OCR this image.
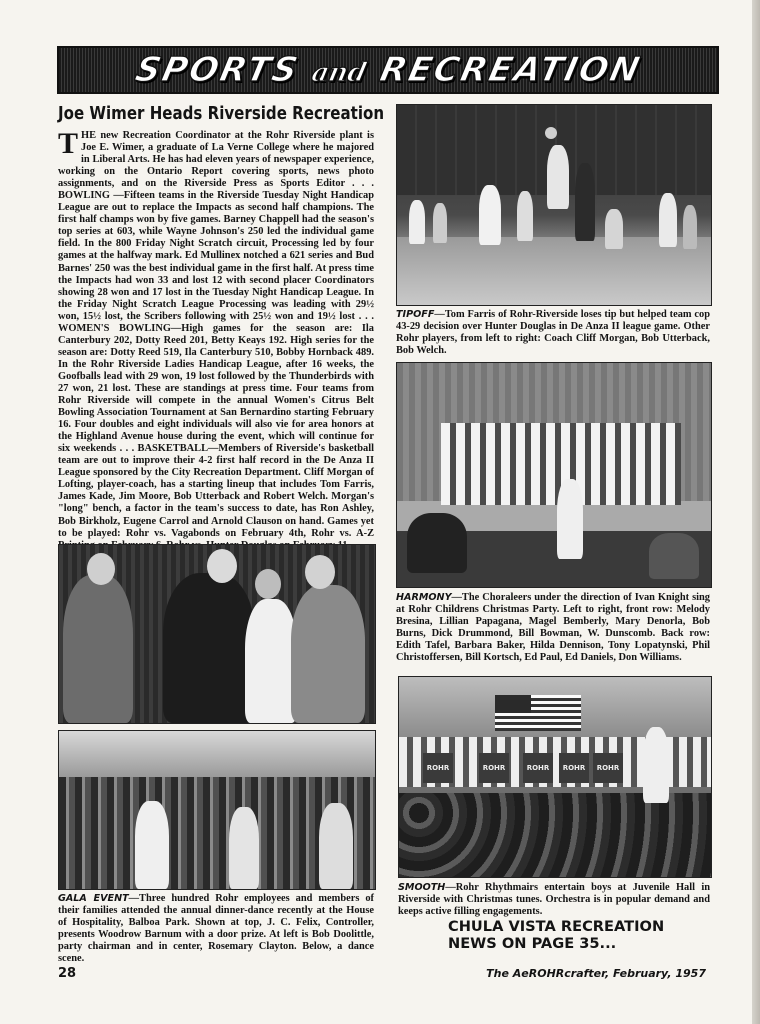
SPORTS and RECREATION
Joe Wimer Heads Riverside Recreation
THE new Recreation Coordinator at the Rohr Riverside plant is Joe E. Wimer, a graduate of La Verne College where he majored in Liberal Arts. He has had eleven years of newspaper experience, working on the Ontario Report covering sports, news photo assignments, and on the Riverside Press as Sports Editor . . . BOWLING —Fifteen teams in the Riverside Tuesday Night Handicap League are out to replace the Impacts as second half champions. The first half champs won by five games. Barney Chappell had the season's top series at 603, while Wayne Johnson's 250 led the individual game field. In the 800 Friday Night Scratch circuit, Processing led by four games at the halfway mark. Ed Mullinex notched a 621 series and Bud Barnes' 250 was the best individual game in the first half. At press time the Impacts had won 33 and lost 12 with second placer Coordinators showing 28 won and 17 lost in the Tuesday Night Handicap League. In the Friday Night Scratch League Processing was leading with 29½ won, 15½ lost, the Scribers following with 25½ won and 19½ lost . . . WOMEN'S BOWLING—High games for the season are: Ila Canterbury 202, Dotty Reed 201, Betty Keays 192. High series for the season are: Dotty Reed 519, Ila Canterbury 510, Bobby Hornback 489. In the Rohr Riverside Ladies Handicap League, after 16 weeks, the Goofballs lead with 29 won, 19 lost followed by the Thunderbirds with 27 won, 21 lost. These are standings at press time. Four teams from Rohr Riverside will compete in the annual Women's Citrus Belt Bowling Association Tournament at San Bernardino starting February 16. Four doubles and eight individuals will also vie for area honors at the Highland Avenue house during the event, which will continue for six weekends . . . BASKETBALL—Members of Riverside's basketball team are out to improve their 4-2 first half record in the De Anza II League sponsored by the City Recreation Department. Cliff Morgan of Lofting, player-coach, has a starting lineup that includes Tom Farris, James Kade, Jim Moore, Bob Utterback and Robert Welch. Morgan's "long" bench, a factor in the team's success to date, has Ron Ashley, Bob Birkholz, Eugene Carrol and Arnold Clauson on hand. Games yet to be played: Rohr vs. Vagabonds on February 4th, Rohr vs. A-Z
TIPOFF—Tom Farris of Rohr-Riverside loses tip but helped team cop 43-29 decision over Hunter Douglas in De Anza II league game. Other Rohr players, from left to right: Coach Cliff Morgan, Bob Utterback, Bob Welch.
HARMONY—The Choraleers under the direction of Ivan Knight sing at Rohr Childrens Christmas Party. Left to right, front row: Melody Bresina, Lillian Papagana, Magel Bemberly, Mary Denorla, Bob Burns, Dick Drummond, Bill Bowman, W. Dunscomb. Back row: Edith Tafel, Barbara Baker, Hilda Dennison, Tony Lopatynski, Phil Christoffersen, Bill Kortsch, Ed Paul, Ed Daniels, Don Williams.
GALA EVENT—Three hundred Rohr employees and members of their families attended the annual dinner-dance recently at the House of Hospitality, Balboa Park. Shown at top, J. C. Felix, Controller, presents Woodrow Barnum with a door prize. At left is Bob Doolittle, party chairman and in center, Rosemary Clayton. Below, a dance scene.
ROHR	ROHR	ROHR	ROHR	ROHR
SMOOTH—Rohr Rhythmairs entertain boys at Juvenile Hall in Riverside with Christmas tunes. Orchestra is in popular demand and keeps active filling engagements.
CHULA VISTA RECREATION
NEWS ON PAGE 35...
28	The AeROHRcrafter, February, 1957
